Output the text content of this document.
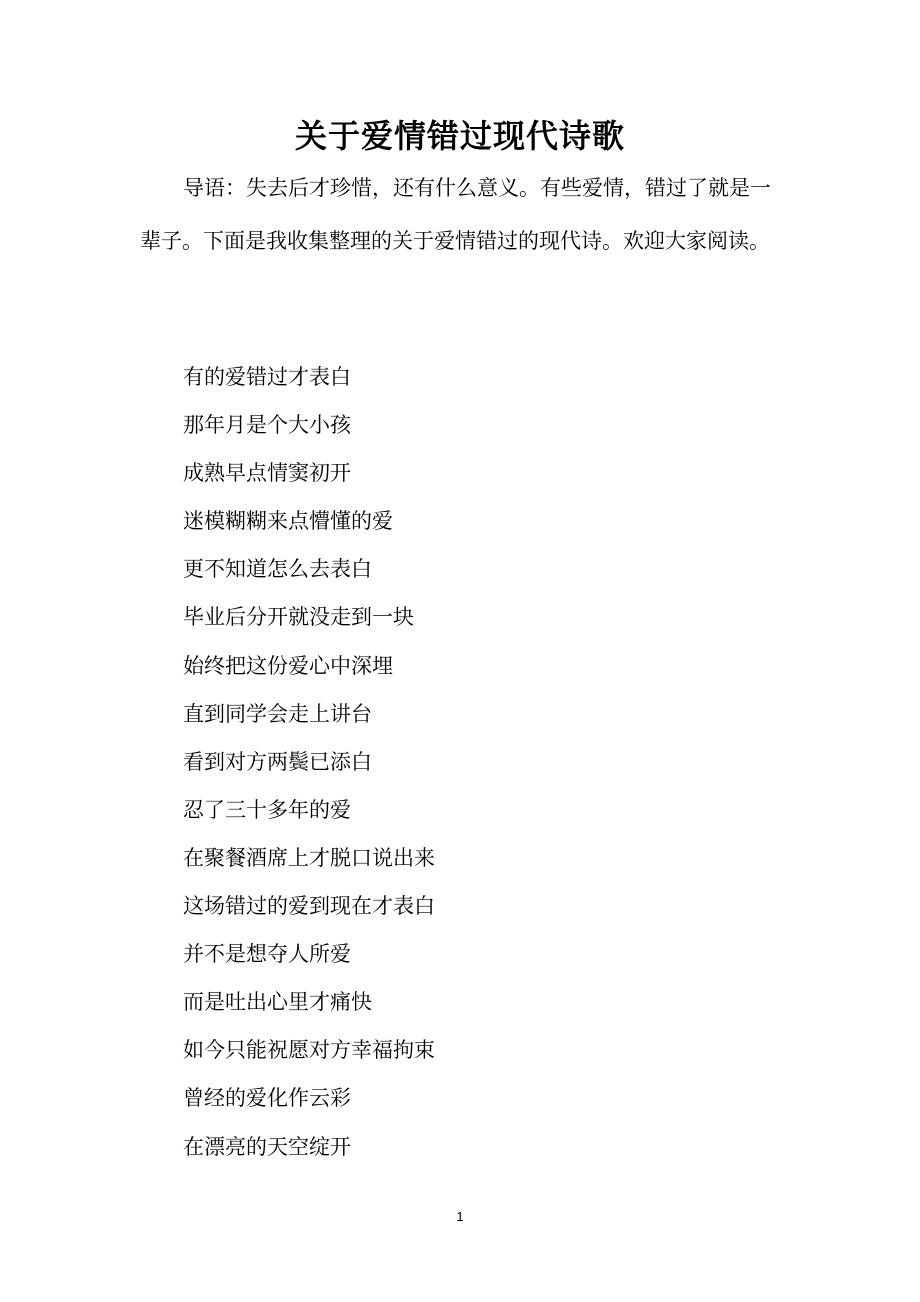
关于爱情错过现代诗歌

导语：失去后才珍惜，还有什么意义。有些爱情，错过了就是一辈子。下面是我收集整理的关于爱情错过的现代诗。欢迎大家阅读。

有的爱错过才表白
那年月是个大小孩
成熟早点情窦初开
迷模糊糊来点懵懂的爱
更不知道怎么去表白
毕业后分开就没走到一块
始终把这份爱心中深埋
直到同学会走上讲台
看到对方两鬓已添白
忍了三十多年的爱
在聚餐酒席上才脱口说出来
这场错过的爱到现在才表白
并不是想夺人所爱
而是吐出心里才痛快
如今只能祝愿对方幸福拘束
曾经的爱化作云彩
在漂亮的天空绽开
1
